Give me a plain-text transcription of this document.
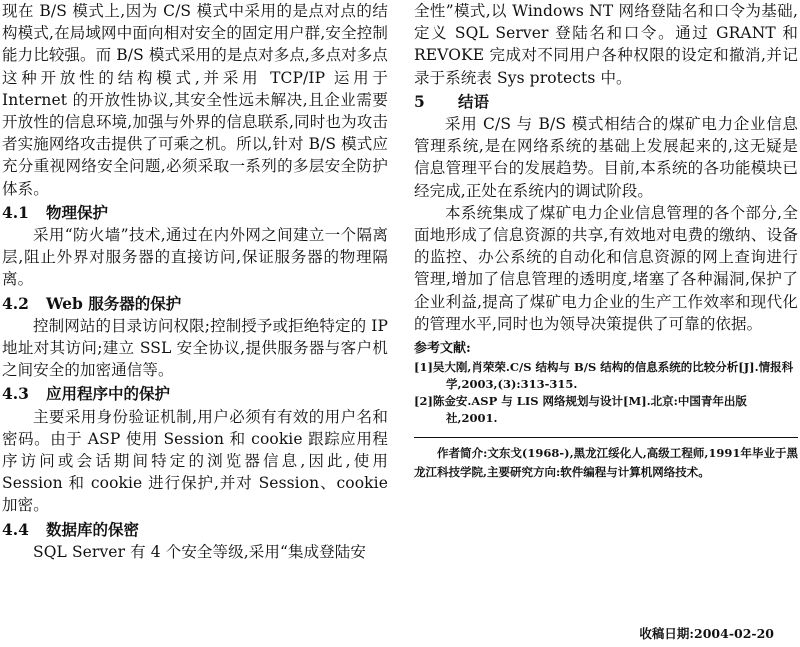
现在 B/S 模式上,因为 C/S 模式中采用的是点对点的结构模式,在局域网中面向相对安全的固定用户群,安全控制能力比较强。而 B/S 模式采用的是点对多点,多点对多点这种开放性的结构模式,并采用 TCP/IP 运用于 Internet 的开放性协议,其安全性远未解决,且企业需要开放性的信息环境,加强与外界的信息联系,同时也为攻击者实施网络攻击提供了可乘之机。所以,针对 B/S 模式应充分重视网络安全问题,必须采取一系列的多层安全防护体系。

4.1 物理保护

采用“防火墙”技术,通过在内外网之间建立一个隔离层,阻止外界对服务器的直接访问,保证服务器的物理隔离。

4.2 Web 服务器的保护

控制网站的目录访问权限;控制授予或拒绝特定的 IP 地址对其访问;建立 SSL 安全协议,提供服务器与客户机之间安全的加密通信等。

4.3 应用程序中的保护

主要采用身份验证机制,用户必须有有效的用户名和密码。由于 ASP 使用 Session 和 cookie 跟踪应用程序访问或会话期间特定的浏览器信息,因此,使用 Session 和 cookie 进行保护,并对 Session、cookie 加密。

4.4 数据库的保密

SQL Server 有 4 个安全等级,采用“集成登陆安

全性”模式,以 Windows NT 网络登陆名和口令为基础,定义 SQL Server 登陆名和口令。通过 GRANT 和 REVOKE 完成对不同用户各种权限的设定和撤消,并记录于系统表 Sys protects 中。

5 结语

采用 C/S 与 B/S 模式相结合的煤矿电力企业信息管理系统,是在网络系统的基础上发展起来的,这无疑是信息管理平台的发展趋势。目前,本系统的各功能模块已经完成,正处在系统内的调试阶段。

本系统集成了煤矿电力企业信息管理的各个部分,全面地形成了信息资源的共享,有效地对电费的缴纳、设备的监控、办公系统的自动化和信息资源的网上查询进行管理,增加了信息管理的透明度,堵塞了各种漏洞,保护了企业利益,提高了煤矿电力企业的生产工作效率和现代化的管理水平,同时也为领导决策提供了可靠的依据。

参考文献:

[1]吴大刚,肖荣荣.C/S 结构与 B/S 结构的信息系统的比较分析[J].情报科学,2003,(3):313-315.

[2]陈金安.ASP 与 LIS 网络规划与设计[M].北京:中国青年出版社,2001.

作者简介:文东戈(1968-),黑龙江绥化人,高级工程师,1991年毕业于黑龙江科技学院,主要研究方向:软件编程与计算机网络技术。

收稿日期:2004-02-20
